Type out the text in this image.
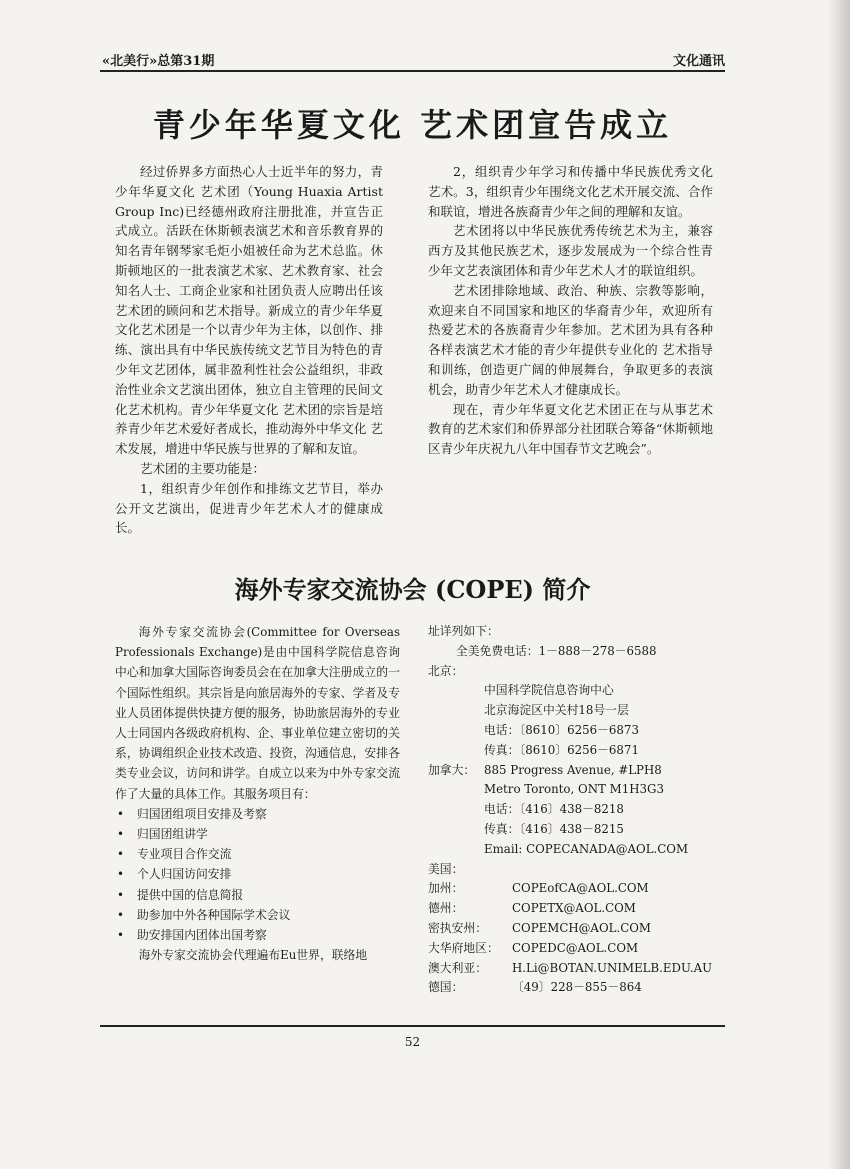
«北美行»总第31期	文化通讯
青少年华夏文化 艺术团宣告成立

经过侨界多方面热心人士近半年的努力，青少年华夏文化 艺术团（Young Huaxia Artist Group Inc)已经德州政府注册批准，并宣告正式成立。活跃在休斯顿表演艺术和音乐教育界的知名青年钢琴家毛炬小姐被任命为艺术总监。休斯顿地区的一批表演艺术家、艺术教育家、社会知名人士、工商企业家和社团负责人应聘出任该艺术团的顾问和艺术指导。新成立的青少年华夏文化艺术团是一个以青少年为主体，以创作、排练、演出具有中华民族传统文艺节目为特色的青少年文艺团体，属非盈利性社会公益组织，非政治性业余文艺演出团体，独立自主管理的民间文化艺术机构。青少年华夏文化 艺术团的宗旨是培养青少年艺术爱好者成长，推动海外中华文化 艺术发展，增进中华民族与世界的了解和友谊。

艺术团的主要功能是：

1，组织青少年创作和排练文艺节目，举办公开文艺演出，促进青少年艺术人才的健康成长。

2，组织青少年学习和传播中华民族优秀文化 艺术。3，组织青少年围绕文化艺术开展交流、合作和联谊，增进各族裔青少年之间的理解和友谊。

艺术团将以中华民族优秀传统艺术为主，兼容西方及其他民族艺术，逐步发展成为一个综合性青少年文艺表演团体和青少年艺术人才的联谊组织。

艺术团排除地域、政治、种族、宗教等影响，欢迎来自不同国家和地区的华裔青少年，欢迎所有热爱艺术的各族裔青少年参加。艺术团为具有各种各样表演艺术才能的青少年提供专业化的 艺术指导和训练，创造更广阔的伸展舞台，争取更多的表演机会，助青少年艺术人才健康成长。

现在，青少年华夏文化艺术团正在与从事艺术教育的艺术家们和侨界部分社团联合筹备“休斯顿地区青少年庆祝九八年中国春节文艺晚会”。

海外专家交流协会 (COPE) 简介

海外专家交流协会(Committee for Overseas Professionals Exchange)是由中国科学院信息咨询中心和加拿大国际咨询委员会在在加拿大注册成立的一个国际性组织。其宗旨是向旅居海外的专家、学者及专业人员团体提供快捷方便的服务，协助旅居海外的专业人士同国内各级政府机构、企、事业单位建立密切的关系，协调组织企业技术改造、投资，沟通信息，安排各类专业会议，访问和讲学。自成立以来为中外专家交流作了大量的具体工作。其服务项目有：

• 归国团组项目安排及考察
• 归国团组讲学
• 专业项目合作交流
• 个人归国访问安排
• 提供中国的信息简报
• 助参加中外各种国际学术会议
• 助安排国内团体出国考察

海外专家交流协会代理遍布Eu世界，联络地

址详列如下：
全美免费电话：1－888－278－6588
北京：
中国科学院信息咨询中心
北京海淀区中关村18号一层
电话：〔8610〕6256－6873
传真：〔8610〕6256－6871
加拿大： 885 Progress Avenue, #LPH8
Metro Toronto, ONT M1H3G3
电话：〔416〕438－8218
传真：〔416〕438－8215
Email: COPECANADA@AOL.COM
美国：
加州：	COPEofCA@AOL.COM
德州：	COPETX@AOL.COM
密执安州： COPEMCH@AOL.COM
大华府地区： COPEDC@AOL.COM
澳大利亚： H.Li@BOTAN.UNIMELB.EDU.AU
德国：	〔49〕228－855－864
52
